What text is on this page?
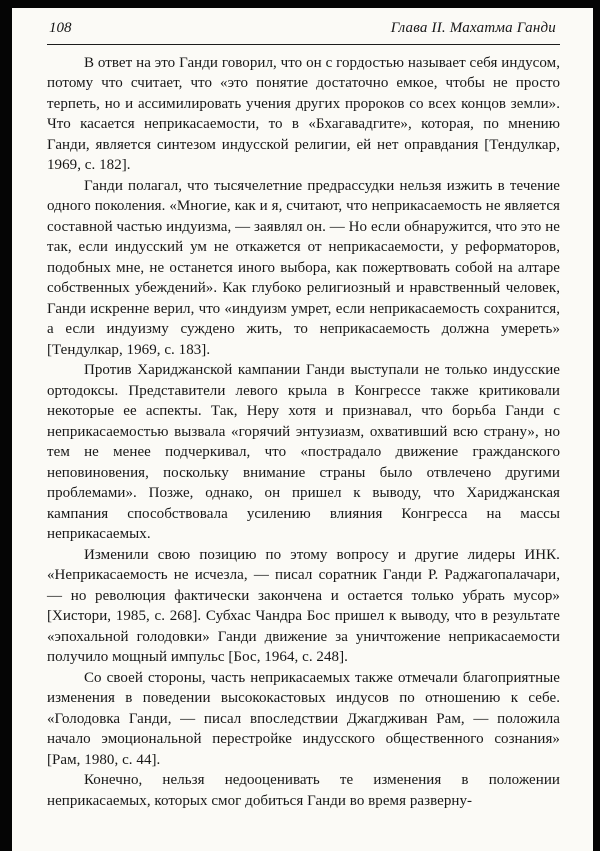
108	Глава II. Махатма Ганди

В ответ на это Ганди говорил, что он с гордостью называет себя индусом, потому что считает, что «это понятие достаточно емкое, чтобы не просто терпеть, но и ассимилировать учения других пророков со всех концов земли». Что касается неприкасаемости, то в «Бхагавадгите», которая, по мнению Ганди, является синтезом индусской религии, ей нет оправдания [Тендулкар, 1969, с. 182].

Ганди полагал, что тысячелетние предрассудки нельзя изжить в течение одного поколения. «Многие, как и я, считают, что неприкасаемость не является составной частью индуизма, — заявлял он. — Но если обнаружится, что это не так, если индусский ум не откажется от неприкасаемости, у реформаторов, подобных мне, не останется иного выбора, как пожертвовать собой на алтаре собственных убеждений». Как глубоко религиозный и нравственный человек, Ганди искренне верил, что «индуизм умрет, если неприкасаемость сохранится, а если индуизму суждено жить, то неприкасаемость должна умереть» [Тендулкар, 1969, с. 183].

Против Хариджанской кампании Ганди выступали не только индусские ортодоксы. Представители левого крыла в Конгрессе также критиковали некоторые ее аспекты. Так, Неру хотя и признавал, что борьба Ганди с неприкасаемостью вызвала «горячий энтузиазм, охвативший всю страну», но тем не менее подчеркивал, что «пострадало движение гражданского неповиновения, поскольку внимание страны было отвлечено другими проблемами». Позже, однако, он пришел к выводу, что Хариджанская кампания способствовала усилению влияния Конгресса на массы неприкасаемых.

Изменили свою позицию по этому вопросу и другие лидеры ИНК. «Неприкасаемость не исчезла, — писал соратник Ганди Р. Раджагопалачари, — но революция фактически закончена и остается только убрать мусор» [Хистори, 1985, с. 268]. Субхас Чандра Бос пришел к выводу, что в результате «эпохальной голодовки» Ганди движение за уничтожение неприкасаемости получило мощный импульс [Бос, 1964, с. 248].

Со своей стороны, часть неприкасаемых также отмечали благоприятные изменения в поведении высококастовых индусов по отношению к себе. «Голодовка Ганди, — писал впоследствии Джагдживан Рам, — положила начало эмоциональной перестройке индусского общественного сознания» [Рам, 1980, с. 44].

Конечно, нельзя недооценивать те изменения в положении неприкасаемых, которых смог добиться Ганди во время разверну-
